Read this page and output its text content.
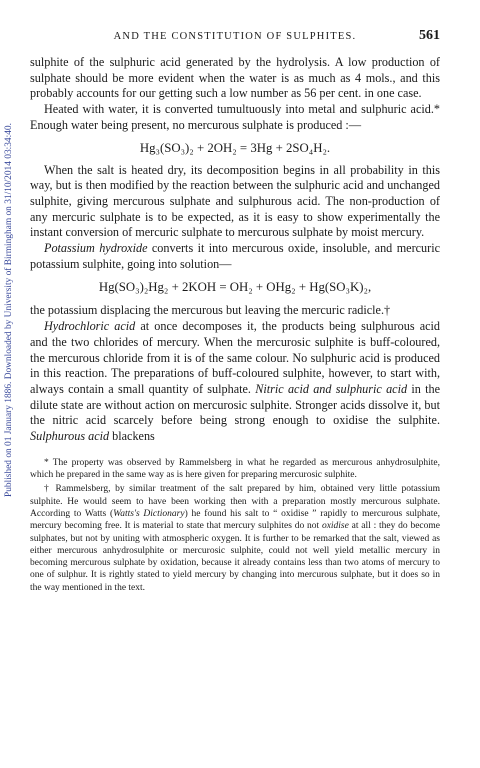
Published on 01 January 1886. Downloaded by University of Birmingham on 31/10/2014 03:34:40.
AND THE CONSTITUTION OF SULPHITES.	561

sulphite of the sulphuric acid generated by the hydrolysis. A low production of sulphate should be more evident when the water is as much as 4 mols., and this probably accounts for our getting such a low number as 56 per cent. in one case.

Heated with water, it is converted tumultuously into metal and sulphuric acid.* Enough water being present, no mercurous sulphate is produced :—

Hg₃(SO₃)₂ + 2OH₂ = 3Hg + 2SO₄H₂.

When the salt is heated dry, its decomposition begins in all probability in this way, but is then modified by the reaction between the sulphuric acid and unchanged sulphite, giving mercurous sulphate and sulphurous acid. The non-production of any mercuric sulphate is to be expected, as it is easy to show experimentally the instant conversion of mercuric sulphate to mercurous sulphate by moist mercury.

Potassium hydroxide converts it into mercurous oxide, insoluble, and mercuric potassium sulphite, going into solution—

Hg(SO₃)₂Hg₂ + 2KOH = OH₂ + OHg₂ + Hg(SO₃K)₂,

the potassium displacing the mercurous but leaving the mercuric radicle.†

Hydrochloric acid at once decomposes it, the products being sulphurous acid and the two chlorides of mercury. When the mercurosic sulphite is buff-coloured, the mercurous chloride from it is of the same colour. No sulphuric acid is produced in this reaction. The preparations of buff-coloured sulphite, however, to start with, always contain a small quantity of sulphate. Nitric acid and sulphuric acid in the dilute state are without action on mercurosic sulphite. Stronger acids dissolve it, but the nitric acid scarcely before being strong enough to oxidise the sulphite. Sulphurous acid blackens

* The property was observed by Rammelsberg in what he regarded as mercurous anhydrosulphite, which he prepared in the same way as is here given for preparing mercurosic sulphite.

† Rammelsberg, by similar treatment of the salt prepared by him, obtained very little potassium sulphite. He would seem to have been working then with a preparation mostly mercurous sulphate. According to Watts (Watts's Dictionary) he found his salt to “ oxidise ” rapidly to mercurous sulphate, mercury becoming free. It is material to state that mercury sulphites do not oxidise at all : they do become sulphates, but not by uniting with atmospheric oxygen. It is further to be remarked that the salt, viewed as either mercurous anhydrosulphite or mercurosic sulphite, could not well yield metallic mercury in becoming mercurous sulphate by oxidation, because it already contains less than two atoms of mercury to one of sulphur. It is rightly stated to yield mercury by changing into mercurous sulphate, but it does so in the way mentioned in the text.
